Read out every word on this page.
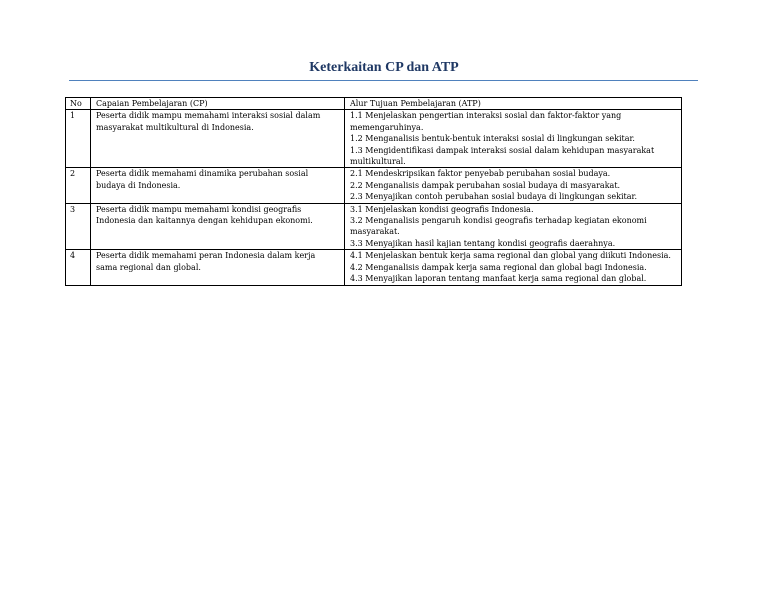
Keterkaitan CP dan ATP
No	Capaian Pembelajaran (CP)	Alur Tujuan Pembelajaran (ATP)
1	Peserta didik mampu memahami interaksi sosial dalam masyarakat multikultural di Indonesia.	1.1 Menjelaskan pengertian interaksi sosial dan faktor-faktor yang memengaruhinya.
1.2 Menganalisis bentuk-bentuk interaksi sosial di lingkungan sekitar.
1.3 Mengidentifikasi dampak interaksi sosial dalam kehidupan masyarakat multikultural.

2	Peserta didik memahami dinamika perubahan sosial budaya di Indonesia.	2.1 Mendeskripsikan faktor penyebab perubahan sosial budaya.
2.2 Menganalisis dampak perubahan sosial budaya di masyarakat.
2.3 Menyajikan contoh perubahan sosial budaya di lingkungan sekitar.

3	Peserta didik mampu memahami kondisi geografis Indonesia dan kaitannya dengan kehidupan ekonomi.	3.1 Menjelaskan kondisi geografis Indonesia.
3.2 Menganalisis pengaruh kondisi geografis terhadap kegiatan ekonomi masyarakat.
3.3 Menyajikan hasil kajian tentang kondisi geografis daerahnya.

4	Peserta didik memahami peran Indonesia dalam kerja sama regional dan global.	4.1 Menjelaskan bentuk kerja sama regional dan global yang diikuti Indonesia.
4.2 Menganalisis dampak kerja sama regional dan global bagi Indonesia.
4.3 Menyajikan laporan tentang manfaat kerja sama regional dan global.
